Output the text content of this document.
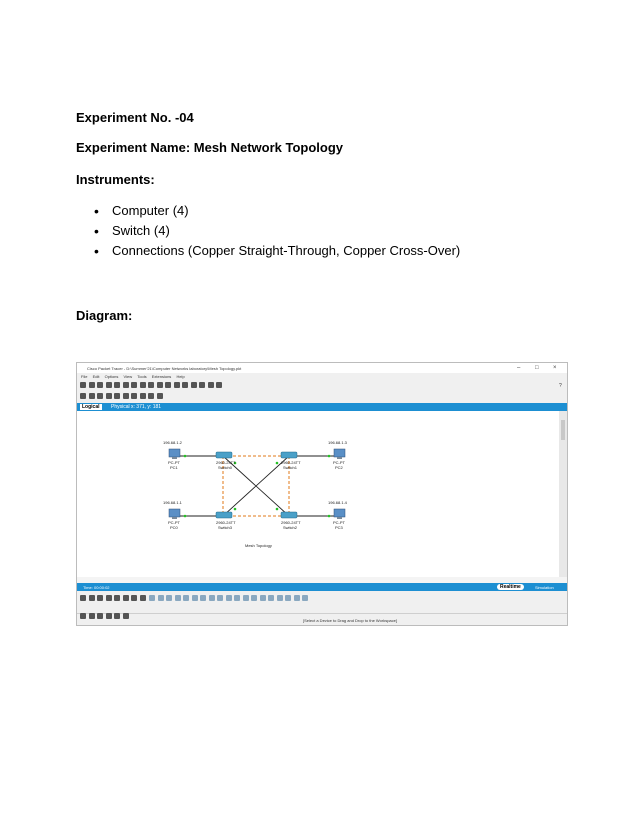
Experiment No. -04
Experiment Name: Mesh Network Topology
Instruments:
• Computer (4)
• Switch (4)
• Connections (Copper Straight-Through, Copper Cross-Over)
Diagram:
Cisco Packet Tracer - D:\Summer'21\Computer Networks laboratory\Mesh Topology.pkt	– □ ×
File Edit Options View Tools Extensions Help
?
Logical	Physical x: 371, y: 181
196.68.1.2
PC-PT
PC1
196.68.1.3
PC-PT
PC2
196.68.1.1
PC-PT
PC0
196.68.1.4
PC-PT
PC3
2960-24TT
Switch0
2960-24TT
Switch1
2960-24TT
Switch3
2960-24TT
Switch2
Mesh Topology
Time: 00:00:02	Realtime	Simulation

[Select a Device to Drag and Drop to the Workspace]
